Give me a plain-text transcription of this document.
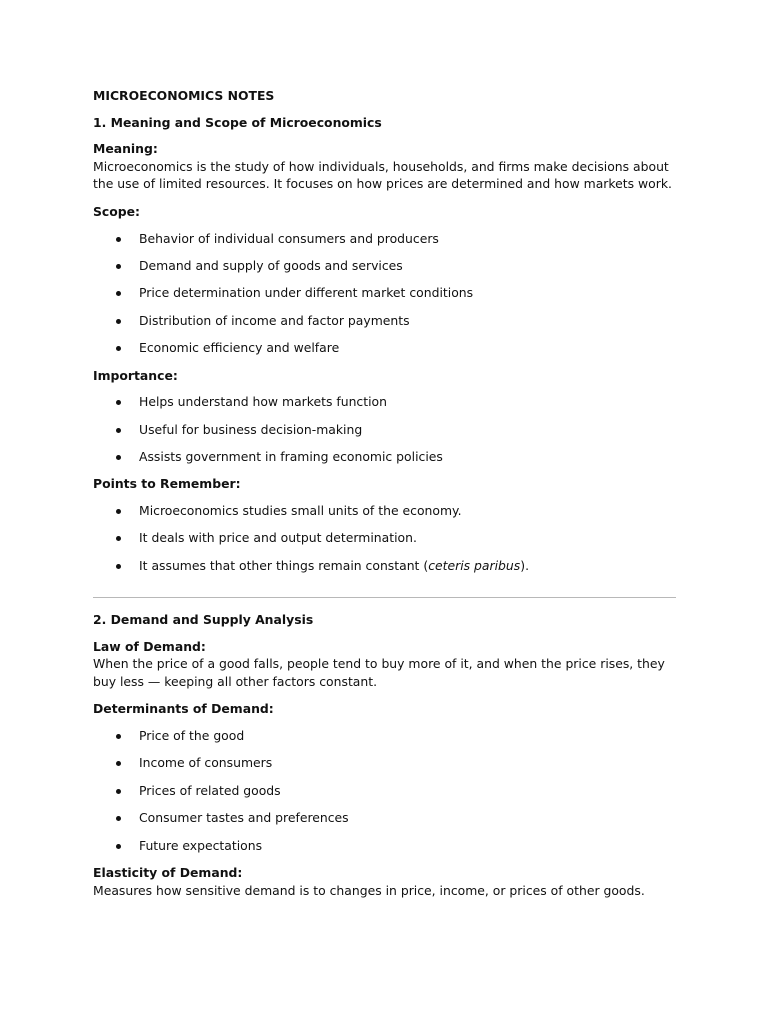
MICROECONOMICS NOTES

1. Meaning and Scope of Microeconomics

Meaning:

Microeconomics is the study of how individuals, households, and firms make decisions about the use of limited resources. It focuses on how prices are determined and how markets work.

Scope:

Behavior of individual consumers and producers
Demand and supply of goods and services
Price determination under different market conditions
Distribution of income and factor payments
Economic efficiency and welfare

Importance:

Helps understand how markets function
Useful for business decision-making
Assists government in framing economic policies

Points to Remember:

Microeconomics studies small units of the economy.
It deals with price and output determination.
It assumes that other things remain constant (ceteris paribus).

2. Demand and Supply Analysis

Law of Demand:

When the price of a good falls, people tend to buy more of it, and when the price rises, they buy less — keeping all other factors constant.

Determinants of Demand:

Price of the good
Income of consumers
Prices of related goods
Consumer tastes and preferences
Future expectations

Elasticity of Demand:

Measures how sensitive demand is to changes in price, income, or prices of other goods.
